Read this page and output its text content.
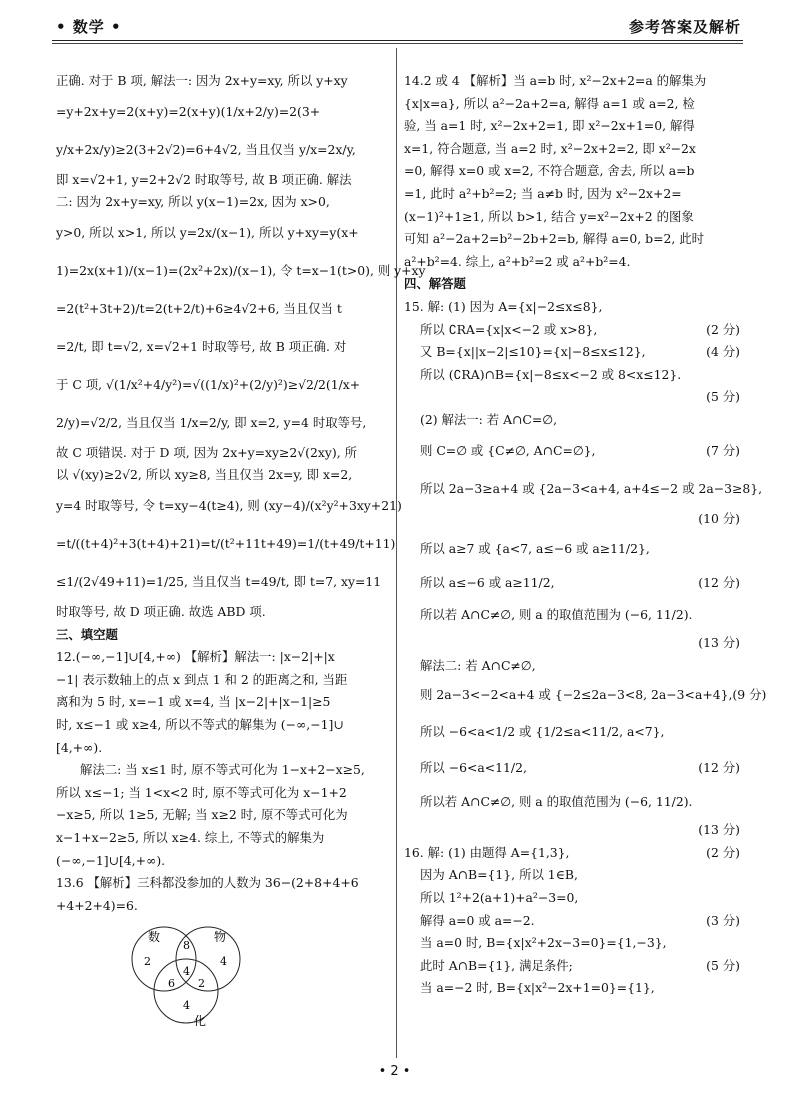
• 数学 •	参考答案及解析
正确. 对于 B 项, 解法一: 因为 2x+y=xy, 所以 y+xy
=y+2x+y=2(x+y)=2(x+y)(1/x+2/y)=2(3+
y/x+2x/y)≥2(3+2√2)=6+4√2, 当且仅当 y/x=2x/y,
即 x=√2+1, y=2+2√2 时取等号, 故 B 项正确. 解法
二: 因为 2x+y=xy, 所以 y(x−1)=2x, 因为 x>0,
y>0, 所以 x>1, 所以 y=2x/(x−1), 所以 y+xy=y(x+
1)=2x(x+1)/(x−1)=(2x²+2x)/(x−1), 令 t=x−1(t>0), 则 y+xy
=2(t²+3t+2)/t=2(t+2/t)+6≥4√2+6, 当且仅当 t
=2/t, 即 t=√2, x=√2+1 时取等号, 故 B 项正确. 对
于 C 项, √(1/x²+4/y²)=√((1/x)²+(2/y)²)≥√2/2(1/x+
2/y)=√2/2, 当且仅当 1/x=2/y, 即 x=2, y=4 时取等号,
故 C 项错误. 对于 D 项, 因为 2x+y=xy≥2√(2xy), 所
以 √(xy)≥2√2, 所以 xy≥8, 当且仅当 2x=y, 即 x=2,
y=4 时取等号, 令 t=xy−4(t≥4), 则 (xy−4)/(x²y²+3xy+21)
=t/((t+4)²+3(t+4)+21)=t/(t²+11t+49)=1/(t+49/t+11)
≤1/(2√49+11)=1/25, 当且仅当 t=49/t, 即 t=7, xy=11
时取等号, 故 D 项正确. 故选 ABD 项.
三、填空题
12.(−∞,−1]∪[4,+∞) 【解析】解法一: |x−2|+|x
−1| 表示数轴上的点 x 到点 1 和 2 的距离之和, 当距
离和为 5 时, x=−1 或 x=4, 当 |x−2|+|x−1|≥5
时, x≤−1 或 x≥4, 所以不等式的解集为 (−∞,−1]∪
[4,+∞).
解法二: 当 x≤1 时, 原不等式可化为 1−x+2−x≥5,
所以 x≤−1; 当 1<x<2 时, 原不等式可化为 x−1+2
−x≥5, 所以 1≥5, 无解; 当 x≥2 时, 原不等式可化为
x−1+x−2≥5, 所以 x≥4. 综上, 不等式的解集为
(−∞,−1]∪[4,+∞).
13.6 【解析】三科都没参加的人数为 36−(2+8+4+6
+4+2+4)=6.
数	物
化
2
8
4
4
6 2
4
14.2 或 4 【解析】当 a=b 时, x²−2x+2=a 的解集为
{x|x=a}, 所以 a²−2a+2=a, 解得 a=1 或 a=2, 检
验, 当 a=1 时, x²−2x+2=1, 即 x²−2x+1=0, 解得
x=1, 符合题意, 当 a=2 时, x²−2x+2=2, 即 x²−2x
=0, 解得 x=0 或 x=2, 不符合题意, 舍去, 所以 a=b
=1, 此时 a²+b²=2; 当 a≠b 时, 因为 x²−2x+2=
(x−1)²+1≥1, 所以 b>1, 结合 y=x²−2x+2 的图象
可知 a²−2a+2=b²−2b+2=b, 解得 a=0, b=2, 此时
a²+b²=4. 综上, a²+b²=2 或 a²+b²=4.
四、解答题
15. 解: (1) 因为 A={x|−2≤x≤8},
所以 ∁RA={x|x<−2 或 x>8},	(2 分)
又 B={x||x−2|≤10}={x|−8≤x≤12},	(4 分)
所以 (∁RA)∩B={x|−8≤x<−2 或 8<x≤12}.
(5 分)
(2) 解法一: 若 A∩C=∅,
则 C=∅ 或 {C≠∅, A∩C=∅},	(7 分)
所以 2a−3≥a+4 或 {2a−3<a+4, a+4≤−2 或 2a−3≥8},
(10 分)
所以 a≥7 或 {a<7, a≤−6 或 a≥11/2},
所以 a≤−6 或 a≥11/2,	(12 分)
所以若 A∩C≠∅, 则 a 的取值范围为 (−6, 11/2).
(13 分)
解法二: 若 A∩C≠∅,
则 2a−3<−2<a+4 或 {−2≤2a−3<8, 2a−3<a+4}, (9 分)
所以 −6<a<1/2 或 {1/2≤a<11/2, a<7},
所以 −6<a<11/2,	(12 分)
所以若 A∩C≠∅, 则 a 的取值范围为 (−6, 11/2).
(13 分)
16. 解: (1) 由题得 A={1,3},	(2 分)
因为 A∩B={1}, 所以 1∈B,
所以 1²+2(a+1)+a²−3=0,
解得 a=0 或 a=−2.	(3 分)
当 a=0 时, B={x|x²+2x−3=0}={1,−3},
此时 A∩B={1}, 满足条件;	(5 分)
当 a=−2 时, B={x|x²−2x+1=0}={1},
• 2 •
